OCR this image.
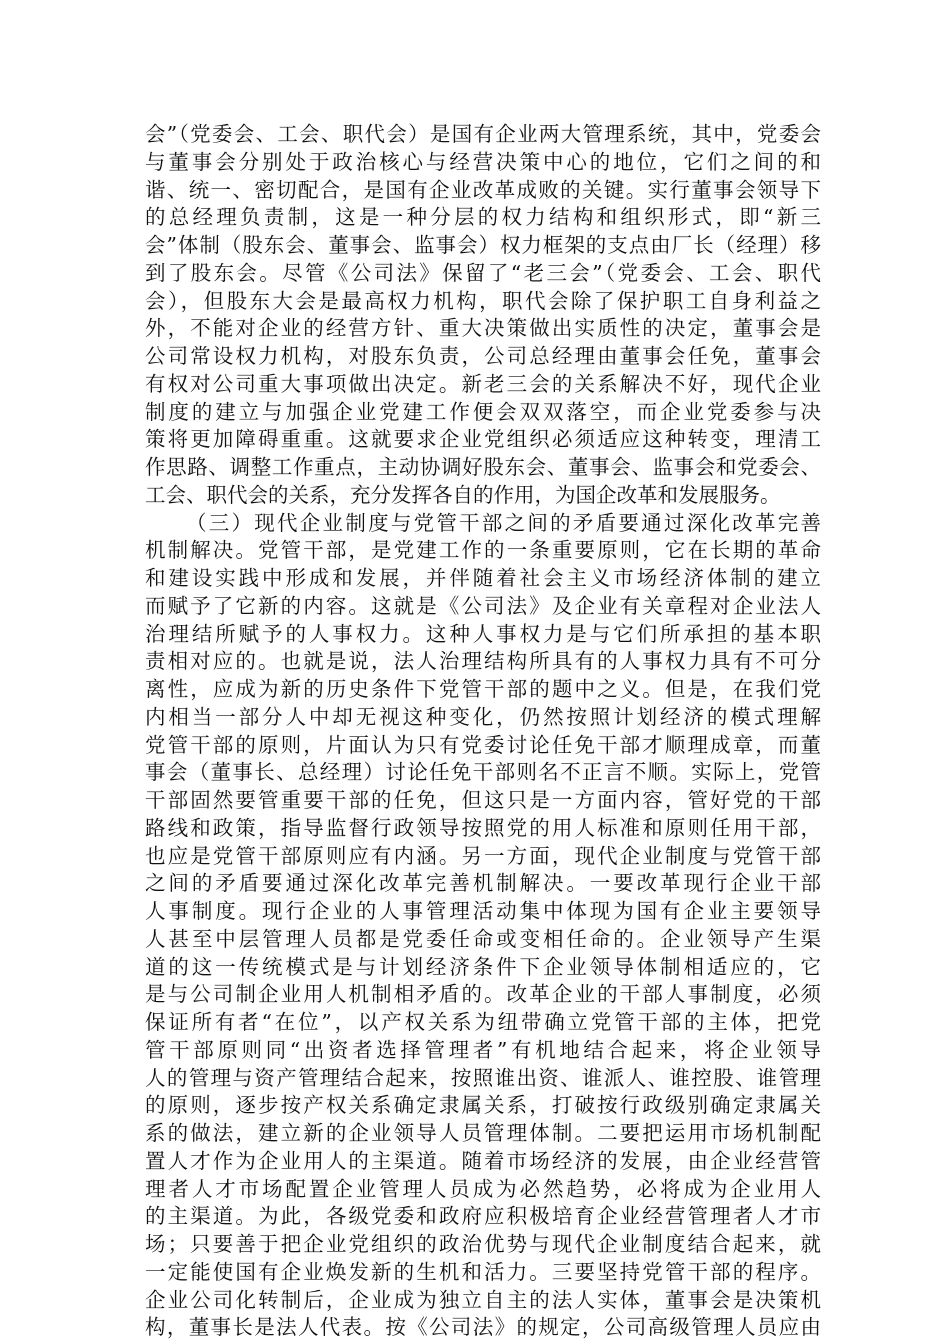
会”（党委会、工会、职代会）是国有企业两大管理系统，其中，党委会
与董事会分别处于政治核心与经营决策中心的地位，它们之间的和
谐、统一、密切配合，是国有企业改革成败的关键。实行董事会领导下
的总经理负责制，这是一种分层的权力结构和组织形式，即“新三
会”体制（股东会、董事会、监事会）权力框架的支点由厂长（经理）移
到了股东会。尽管《公司法》保留了“老三会”（党委会、工会、职代
会），但股东大会是最高权力机构，职代会除了保护职工自身利益之
外，不能对企业的经营方针、重大决策做出实质性的决定，董事会是
公司常设权力机构，对股东负责，公司总经理由董事会任免，董事会
有权对公司重大事项做出决定。新老三会的关系解决不好，现代企业
制度的建立与加强企业党建工作便会双双落空，而企业党委参与决
策将更加障碍重重。这就要求企业党组织必须适应这种转变，理清工
作思路、调整工作重点，主动协调好股东会、董事会、监事会和党委会、
工会、职代会的关系，充分发挥各自的作用，为国企改革和发展服务。
（三）现代企业制度与党管干部之间的矛盾要通过深化改革完善
机制解决。党管干部，是党建工作的一条重要原则，它在长期的革命
和建设实践中形成和发展，并伴随着社会主义市场经济体制的建立
而赋予了它新的内容。这就是《公司法》及企业有关章程对企业法人
治理结所赋予的人事权力。这种人事权力是与它们所承担的基本职
责相对应的。也就是说，法人治理结构所具有的人事权力具有不可分
离性，应成为新的历史条件下党管干部的题中之义。但是，在我们党
内相当一部分人中却无视这种变化，仍然按照计划经济的模式理解
党管干部的原则，片面认为只有党委讨论任免干部才顺理成章，而董
事会（董事长、总经理）讨论任免干部则名不正言不顺。实际上，党管
干部固然要管重要干部的任免，但这只是一方面内容，管好党的干部
路线和政策，指导监督行政领导按照党的用人标准和原则任用干部，
也应是党管干部原则应有内涵。另一方面，现代企业制度与党管干部
之间的矛盾要通过深化改革完善机制解决。一要改革现行企业干部
人事制度。现行企业的人事管理活动集中体现为国有企业主要领导
人甚至中层管理人员都是党委任命或变相任命的。企业领导产生渠
道的这一传统模式是与计划经济条件下企业领导体制相适应的，它
是与公司制企业用人机制相矛盾的。改革企业的干部人事制度，必须
保证所有者“在位”，以产权关系为纽带确立党管干部的主体，把党
管干部原则同“出资者选择管理者”有机地结合起来，将企业领导
人的管理与资产管理结合起来，按照谁出资、谁派人、谁控股、谁管理
的原则，逐步按产权关系确定隶属关系，打破按行政级别确定隶属关
系的做法，建立新的企业领导人员管理体制。二要把运用市场机制配
置人才作为企业用人的主渠道。随着市场经济的发展，由企业经营管
理者人才市场配置企业管理人员成为必然趋势，必将成为企业用人
的主渠道。为此，各级党委和政府应积极培育企业经营管理者人才市
场；只要善于把企业党组织的政治优势与现代企业制度结合起来，就
一定能使国有企业焕发新的生机和活力。三要坚持党管干部的程序。
企业公司化转制后，企业成为独立自主的法人实体，董事会是决策机
构，董事长是法人代表。按《公司法》的规定，公司高级管理人员应由
